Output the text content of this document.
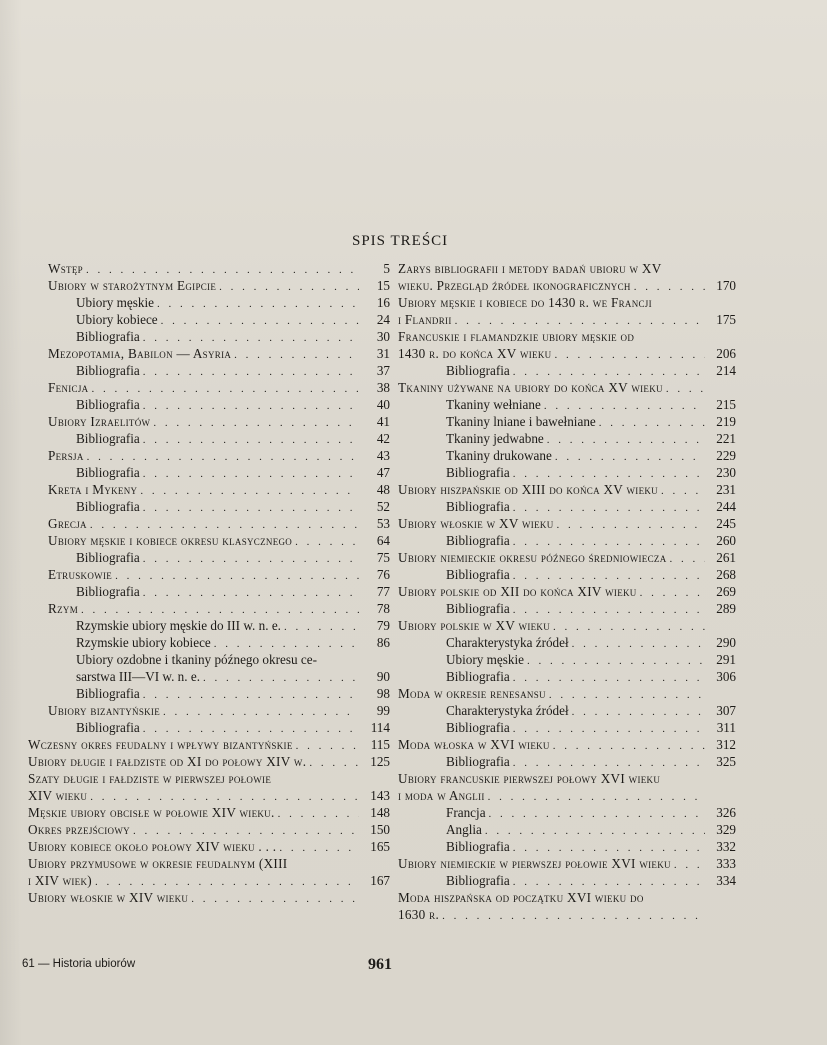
SPIS TREŚCI
Wstęp . . .	5
Ubiory w starożytnym Egipcie . . .	15
Ubiory męskie . . .	16
Ubiory kobiece . . .	24
Bibliografia . . .	30
Mezopotamia, Babilon — Asyria . . .	31
Bibliografia . . .	37
Fenicja . . .	38
Bibliografia . . .	40
Ubiory Izraelitów . . .	41
Bibliografia . . .	42
Persja . . .	43
Bibliografia . . .	47
Kreta i Mykeny . . .	48
Bibliografia . . .	52
Grecja . . .	53
Ubiory męskie i kobiece okresu klasycznego . . .	64
Bibliografia . . .	75
Etruskowie . . .	76
Bibliografia . . .	77
Rzym . . .	78
Rzymskie ubiory męskie do III w. n. e. . . .	79
Rzymskie ubiory kobiece . . .	86
Ubiory ozdobne i tkaniny późnego okresu ce-
sarstwa III—VI w. n. e. . . .	90
Bibliografia . . .	98
Ubiory bizantyńskie . . .	99
Bibliografia . . .	114
Wczesny okres feudalny i wpływy bizantyńskie . . .	115
Ubiory długie i fałdziste od XI do połowy XIV w. . . .	125
Szaty długie i fałdziste w pierwszej połowie
XIV wieku . . .	143
Męskie ubiory obcisłe w połowie XIV wieku. . . .	148
Okres przejściowy . . .	150
Ubiory kobiece około połowy XIV wieku . . . . . .	165
Ubiory przymusowe w okresie feudalnym (XIII
i XIV wiek) . . .	167
Ubiory włoskie w XIV wieku
. . .
Zarys bibliografii i metody badań ubioru w XV
wieku. Przegląd źródeł ikonograficznych . . .	170
Ubiory męskie i kobiece do 1430 r. we Francji
i Flandrii . . .	175
Francuskie i flamandzkie ubiory męskie od
1430 r. do końca XV wieku . . .	206
Bibliografia . . .	214
Tkaniny używane na ubiory do końca XV wieku
. . .
Tkaniny wełniane . . .	215
Tkaniny lniane i bawełniane . . .	219
Tkaniny jedwabne . . .	221
Tkaniny drukowane . . .	229
Bibliografia . . .	230
Ubiory hiszpańskie od XIII do końca XV wieku . . .	231
Bibliografia . . .	244
Ubiory włoskie w XV wieku . . .	245
Bibliografia . . .	260
Ubiory niemieckie okresu późnego średniowiecza . . .	261
Bibliografia . . .	268
Ubiory polskie od XII do końca XIV wieku . . .	269
Bibliografia . . .	289
Ubiory polskie w XV wieku
. . .
Charakterystyka źródeł . . .	290
Ubiory męskie . . .	291
Bibliografia . . .	306
Moda w okresie renesansu
. . .
Charakterystyka źródeł . . .	307
Bibliografia . . .	311
Moda włoska w XVI wieku . . .	312
Bibliografia . . .	325
Ubiory francuskie pierwszej połowy XVI wieku
i moda w Anglii
. . .
Francja . . .	326
Anglia . . .	329
Bibliografia . . .	332
Ubiory niemieckie w pierwszej połowie XVI wieku . . .	333
Bibliografia . . .	334
Moda hiszpańska od początku XVI wieku do
1630 r.
. . .
61 — Historia ubiorów	961
